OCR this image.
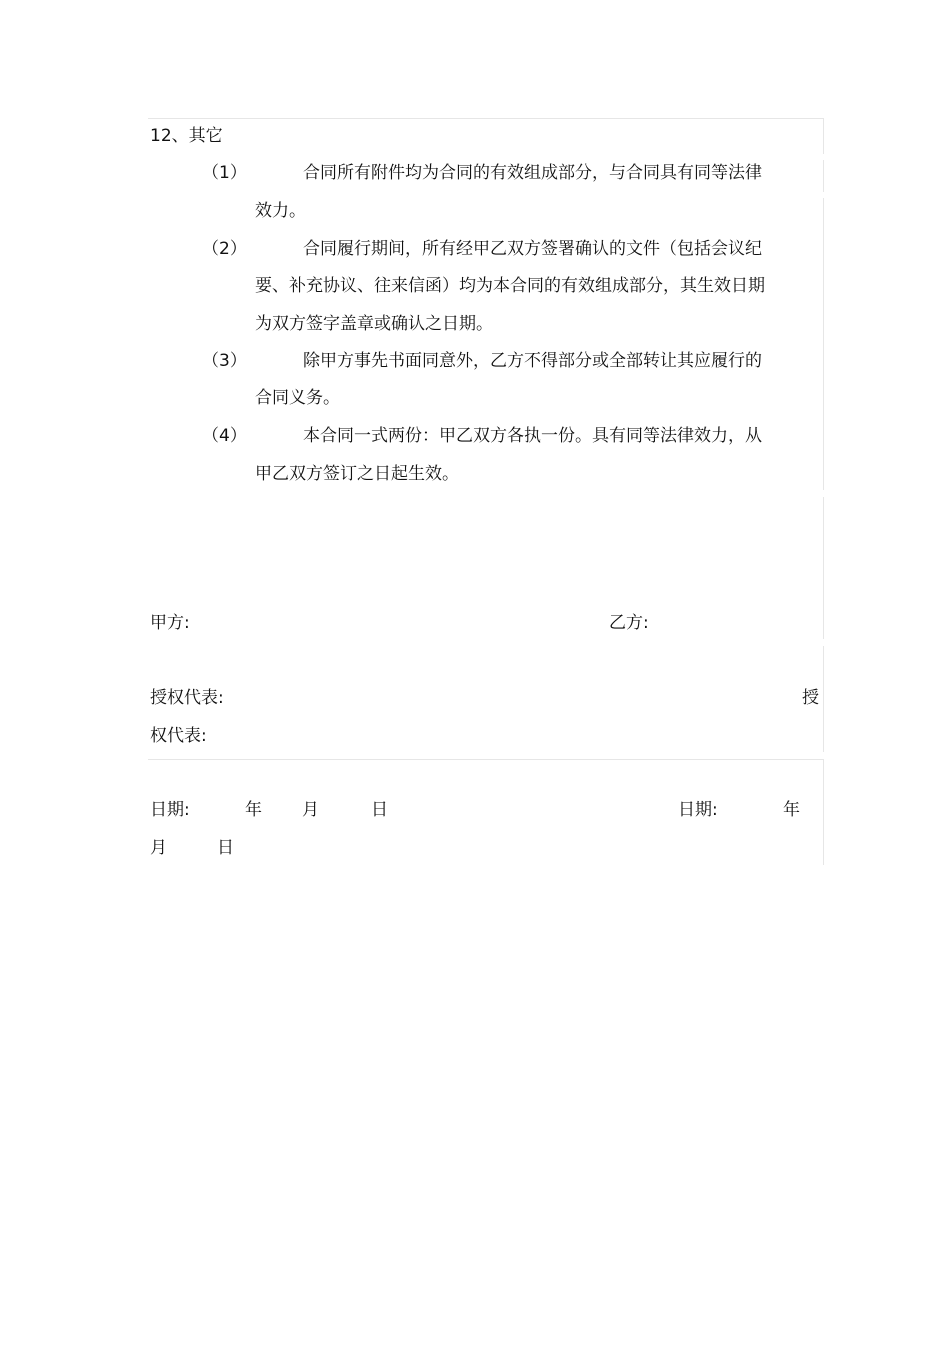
12、其它
（1）	合同所有附件均为合同的有效组成部分，与合同具有同等法律
效力。
（2）	合同履行期间，所有经甲乙双方签署确认的文件（包括会议纪
要、补充协议、往来信函）均为本合同的有效组成部分，其生效日期
为双方签字盖章或确认之日期。
（3）	除甲方事先书面同意外，乙方不得部分或全部转让其应履行的
合同义务。
（4）	本合同一式两份：甲乙双方各执一份。具有同等法律效力，从
甲乙双方签订之日起生效。
甲方:	乙方:
授权代表:	授
权代表:
日期:	年 月	日	日期:	年
月	日
